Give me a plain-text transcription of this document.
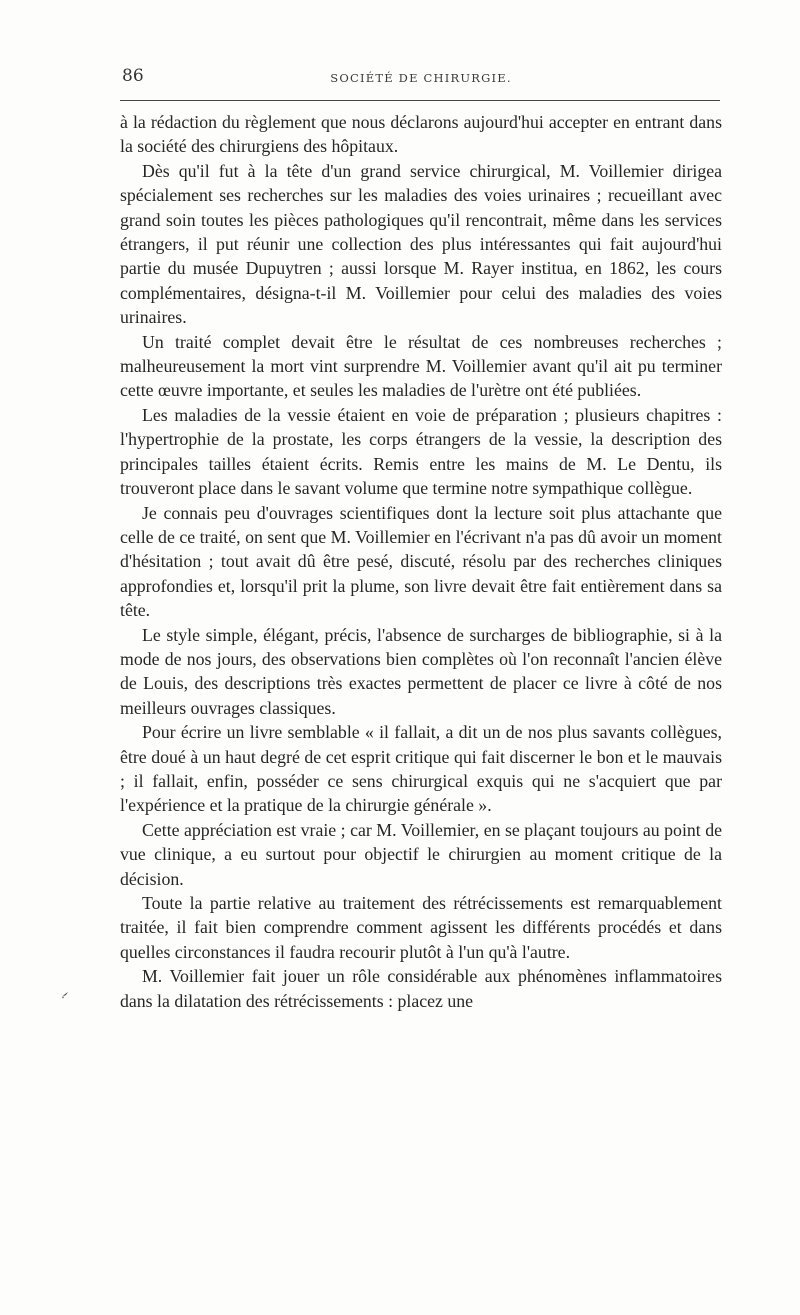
86	SOCIÉTÉ DE CHIRURGIE.

à la rédaction du règlement que nous déclarons aujourd'hui accepter en entrant dans la société des chirurgiens des hôpitaux.

Dès qu'il fut à la tête d'un grand service chirurgical, M. Voillemier dirigea spécialement ses recherches sur les maladies des voies urinaires ; recueillant avec grand soin toutes les pièces pathologiques qu'il rencontrait, même dans les services étrangers, il put réunir une collection des plus intéressantes qui fait aujourd'hui partie du musée Dupuytren ; aussi lorsque M. Rayer institua, en 1862, les cours complémentaires, désigna-t-il M. Voillemier pour celui des maladies des voies urinaires.

Un traité complet devait être le résultat de ces nombreuses recherches ; malheureusement la mort vint surprendre M. Voillemier avant qu'il ait pu terminer cette œuvre importante, et seules les maladies de l'urètre ont été publiées.

Les maladies de la vessie étaient en voie de préparation ; plusieurs chapitres : l'hypertrophie de la prostate, les corps étrangers de la vessie, la description des principales tailles étaient écrits. Remis entre les mains de M. Le Dentu, ils trouveront place dans le savant volume que termine notre sympathique collègue.

Je connais peu d'ouvrages scientifiques dont la lecture soit plus attachante que celle de ce traité, on sent que M. Voillemier en l'écrivant n'a pas dû avoir un moment d'hésitation ; tout avait dû être pesé, discuté, résolu par des recherches cliniques approfondies et, lorsqu'il prit la plume, son livre devait être fait entièrement dans sa tête.

Le style simple, élégant, précis, l'absence de surcharges de bibliographie, si à la mode de nos jours, des observations bien complètes où l'on reconnaît l'ancien élève de Louis, des descriptions très exactes permettent de placer ce livre à côté de nos meilleurs ouvrages classiques.

Pour écrire un livre semblable « il fallait, a dit un de nos plus savants collègues, être doué à un haut degré de cet esprit critique qui fait discerner le bon et le mauvais ; il fallait, enfin, posséder ce sens chirurgical exquis qui ne s'acquiert que par l'expérience et la pratique de la chirurgie générale ».

Cette appréciation est vraie ; car M. Voillemier, en se plaçant toujours au point de vue clinique, a eu surtout pour objectif le chirurgien au moment critique de la décision.

Toute la partie relative au traitement des rétrécissements est remarquablement traitée, il fait bien comprendre comment agissent les différents procédés et dans quelles circonstances il faudra recourir plutôt à l'un qu'à l'autre.

M. Voillemier fait jouer un rôle considérable aux phénomènes inflammatoires dans la dilatation des rétrécissements : placez une
